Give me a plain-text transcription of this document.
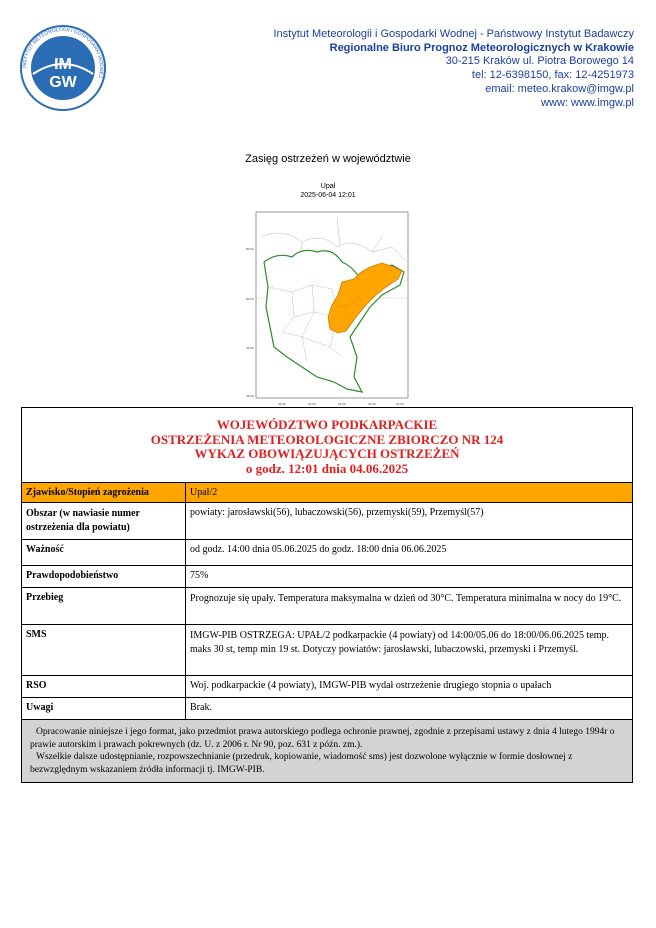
IM
GW
INSTYTUT METEOROLOGII I GOSPODARKI WODNEJ
Instytut Meteorologii i Gospodarki Wodnej - Państwowy Instytut Badawczy
Regionalne Biuro Prognoz Meteorologicznych w Krakowie
30-215 Kraków ul. Piotra Borowego 14
tel: 12-6398150, fax: 12-4251973
email: meteo.krakow@imgw.pl
www: www.imgw.pl
Zasięg ostrzeżeń w województwie
Upał
2025-06-04 12:01
50.50
50.00
49.50
49.00
21.50	22.00	22.50	23.00	23.50
WOJEWÓDZTWO PODKARPACKIE
OSTRZEŻENIA METEOROLOGICZNE ZBIORCZO NR 124
WYKAZ OBOWIĄZUJĄCYCH OSTRZEŻEŃ
o godz. 12:01 dnia 04.06.2025	

Zjawisko/Stopień zagrożenia	Upał/2
Obszar (w nawiasie numer ostrzeżenia dla powiatu)	powiaty: jarosławski(56), lubaczowski(56), przemyski(59), Przemyśl(57)
Ważność	od godz. 14:00 dnia 05.06.2025 do godz. 18:00 dnia 06.06.2025
Prawdopodobieństwo	75%
Przebieg	Prognozuje się upały. Temperatura maksymalna w dzień od 30°C. Temperatura minimalna w nocy do 19°C.
SMS	IMGW-PIB OSTRZEGA: UPAŁ/2 podkarpackie (4 powiaty) od 14:00/05.06 do 18:00/06.06.2025 temp. maks 30 st, temp min 19 st. Dotyczy powiatów: jarosławski, lubaczowski, przemyski i Przemyśl.
RSO	Woj. podkarpackie (4 powiaty), IMGW-PIB wydał ostrzeżenie drugiego stopnia o upałach
Uwagi	Brak.

Opracowanie niniejsze i jego format, jako przedmiot prawa autorskiego podlega ochronie prawnej, zgodnie z przepisami ustawy z dnia 4 lutego 1994r o prawie autorskim i prawach pokrewnych (dz. U. z 2006 r. Nr 90, poz. 631 z późn. zm.).
Wszelkie dalsze udostępnianie, rozpowszechnianie (przedruk, kopiowanie, wiadomość sms) jest dozwolone wyłącznie w formie dosłownej z bezwzględnym wskazaniem źródła informacji tj. IMGW-PIB.	
